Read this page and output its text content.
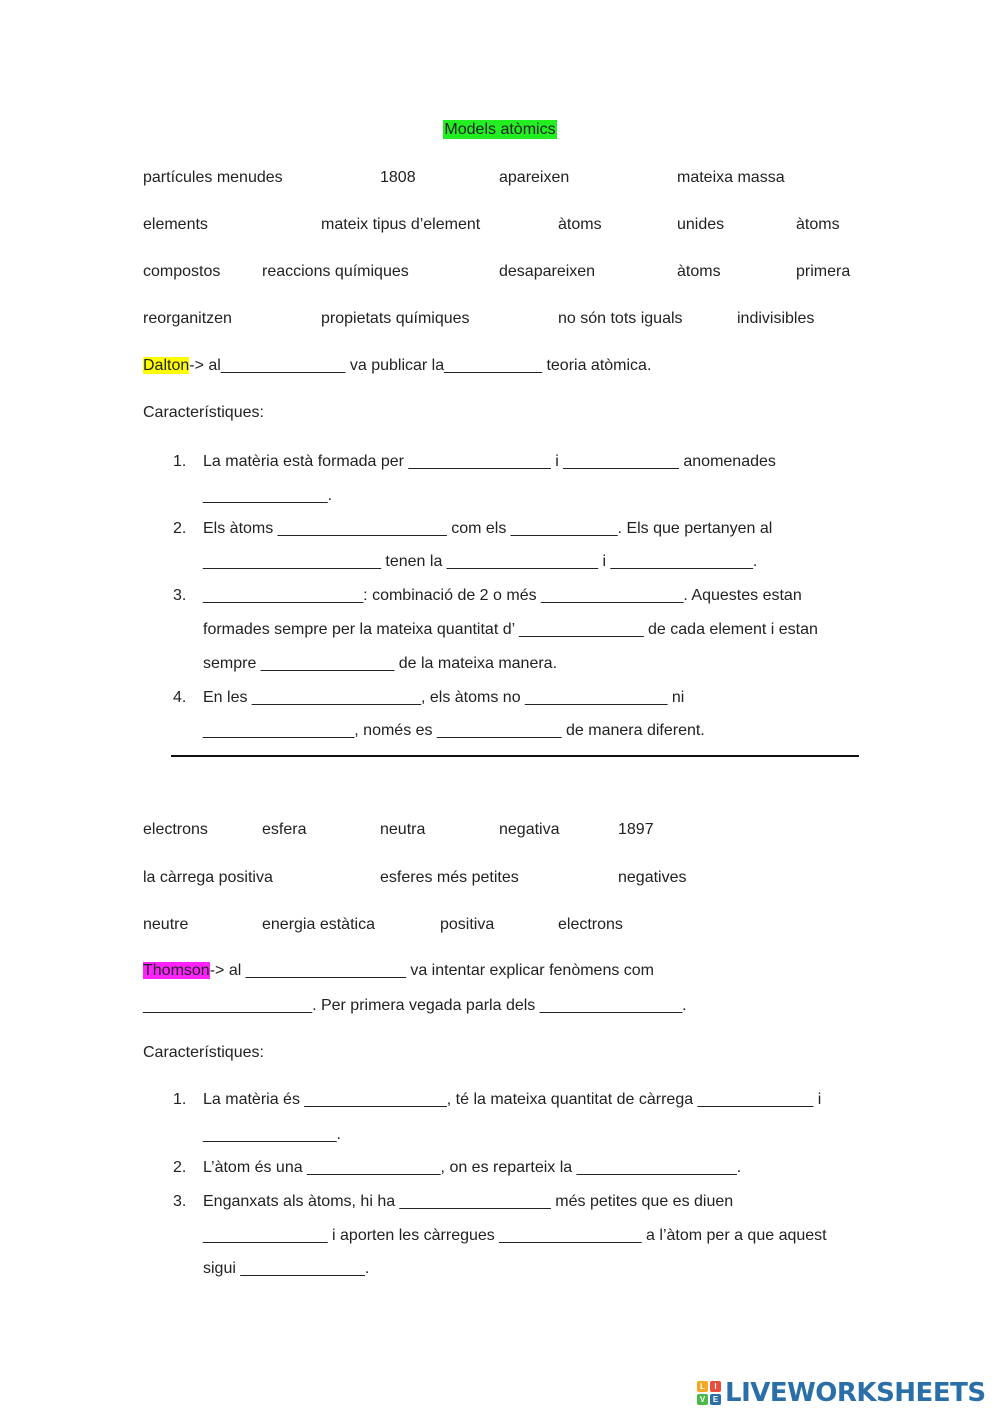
Models atòmics
partícules menudes	1808	apareixen	mateixa massa
elements	mateix tipus d’element	àtoms	unides	àtoms
compostos	reaccions químiques	desapareixen	àtoms	primera
reorganitzen	propietats químiques	no són tots iguals	indivisibles
Dalton-> al______________ va publicar la___________ teoria atòmica.
Característiques:
1. La matèria està formada per ________________ i _____________ anomenades
______________.
2. Els àtoms ___________________ com els ____________. Els que pertanyen al
____________________ tenen la _________________ i ________________.
3. __________________: combinació de 2 o més ________________. Aquestes estan
formades sempre per la mateixa quantitat d’ ______________ de cada element i estan
sempre _______________ de la mateixa manera.
4. En les ___________________, els àtoms no ________________ ni
_________________, només es ______________ de manera diferent.
electrons	esfera	neutra	negativa	1897
la càrrega positiva	esferes més petites	negatives
neutre	energia estàtica	positiva	electrons
Thomson-> al __________________ va intentar explicar fenòmens com
___________________. Per primera vegada parla dels ________________.
Característiques:
1. La matèria és ________________, té la mateixa quantitat de càrrega _____________ i
_______________.
2. L’àtom és una _______________, on es reparteix la __________________.
3. Enganxats als àtoms, hi ha _________________ més petites que es diuen
______________ i aporten les càrregues ________________ a l’àtom per a que aquest
sigui ______________.
L	I
V E LIVEWORKSHEETS
